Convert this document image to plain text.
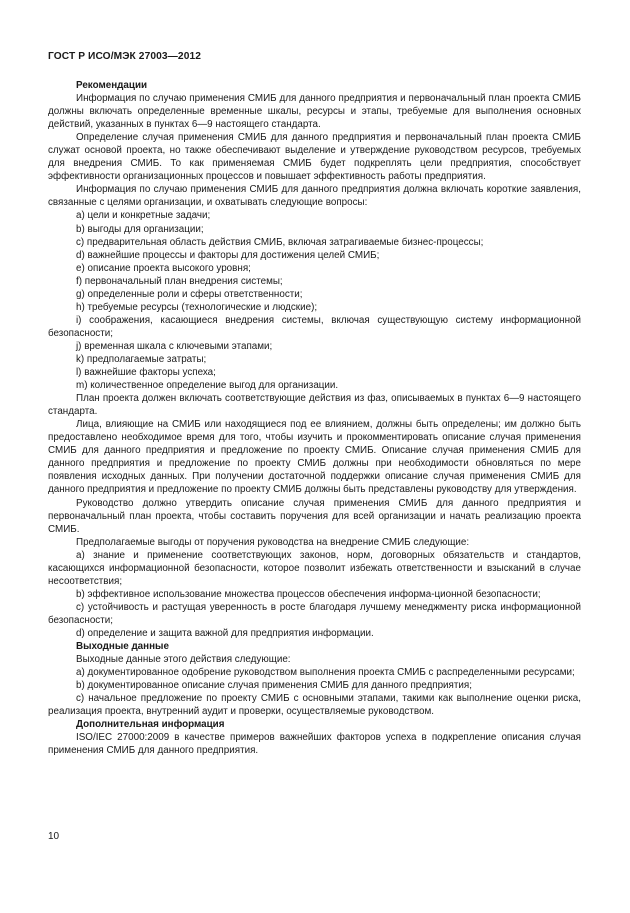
ГОСТ Р ИСО/МЭК 27003—2012

Рекомендации

Информация по случаю применения СМИБ для данного предприятия и первоначальный план проекта СМИБ должны включать определенные временные шкалы, ресурсы и этапы, требуемые для выполнения основных действий, указанных в пунктах 6—9 настоящего стандарта.

Определение случая применения СМИБ для данного предприятия и первоначальный план проекта СМИБ служат основой проекта, но также обеспечивают выделение и утверждение руководством ресурсов, требуемых для внедрения СМИБ. То как применяемая СМИБ будет подкреплять цели предприятия, способствует эффективности организационных процессов и повышает эффективность работы предприятия.

Информация по случаю применения СМИБ для данного предприятия должна включать короткие заявления, связанные с целями организации, и охватывать следующие вопросы:

a) цели и конкретные задачи;

b) выгоды для организации;

c) предварительная область действия СМИБ, включая затрагиваемые бизнес-процессы;

d) важнейшие процессы и факторы для достижения целей СМИБ;

e) описание проекта высокого уровня;

f) первоначальный план внедрения системы;

g) определенные роли и сферы ответственности;

h) требуемые ресурсы (технологические и людские);

i) соображения, касающиеся внедрения системы, включая существующую систему информационной безопасности;

j) временная шкала с ключевыми этапами;

k) предполагаемые затраты;

l) важнейшие факторы успеха;

m) количественное определение выгод для организации.

План проекта должен включать соответствующие действия из фаз, описываемых в пунктах 6—9 настоящего стандарта.

Лица, влияющие на СМИБ или находящиеся под ее влиянием, должны быть определены; им должно быть предоставлено необходимое время для того, чтобы изучить и прокомментировать описание случая применения СМИБ для данного предприятия и предложение по проекту СМИБ. Описание случая применения СМИБ для данного предприятия и предложение по проекту СМИБ должны при необходимости обновляться по мере появления исходных данных. При получении достаточной поддержки описание случая применения СМИБ для данного предприятия и предложение по проекту СМИБ должны быть представлены руководству для утверждения.

Руководство должно утвердить описание случая применения СМИБ для данного предприятия и первоначальный план проекта, чтобы составить поручения для всей организации и начать реализацию проекта СМИБ.

Предполагаемые выгоды от поручения руководства на внедрение СМИБ следующие:

a) знание и применение соответствующих законов, норм, договорных обязательств и стандартов, касающихся информационной безопасности, которое позволит избежать ответственности и взысканий в случае несоответствия;

b) эффективное использование множества процессов обеспечения информа-ционной безопасности;

c) устойчивость и растущая уверенность в росте благодаря лучшему менеджменту риска информационной безопасности;

d) определение и защита важной для предприятия информации.

Выходные данные

Выходные данные этого действия следующие:

a) документированное одобрение руководством выполнения проекта СМИБ с распределенными ресурсами;

b) документированное описание случая применения СМИБ для данного предприятия;

c) начальное предложение по проекту СМИБ с основными этапами, такими как выполнение оценки риска, реализация проекта, внутренний аудит и проверки, осуществляемые руководством.

Дополнительная информация

ISO/IEC 27000:2009 в качестве примеров важнейших факторов успеха в подкрепление описания случая применения СМИБ для данного предприятия.

10
